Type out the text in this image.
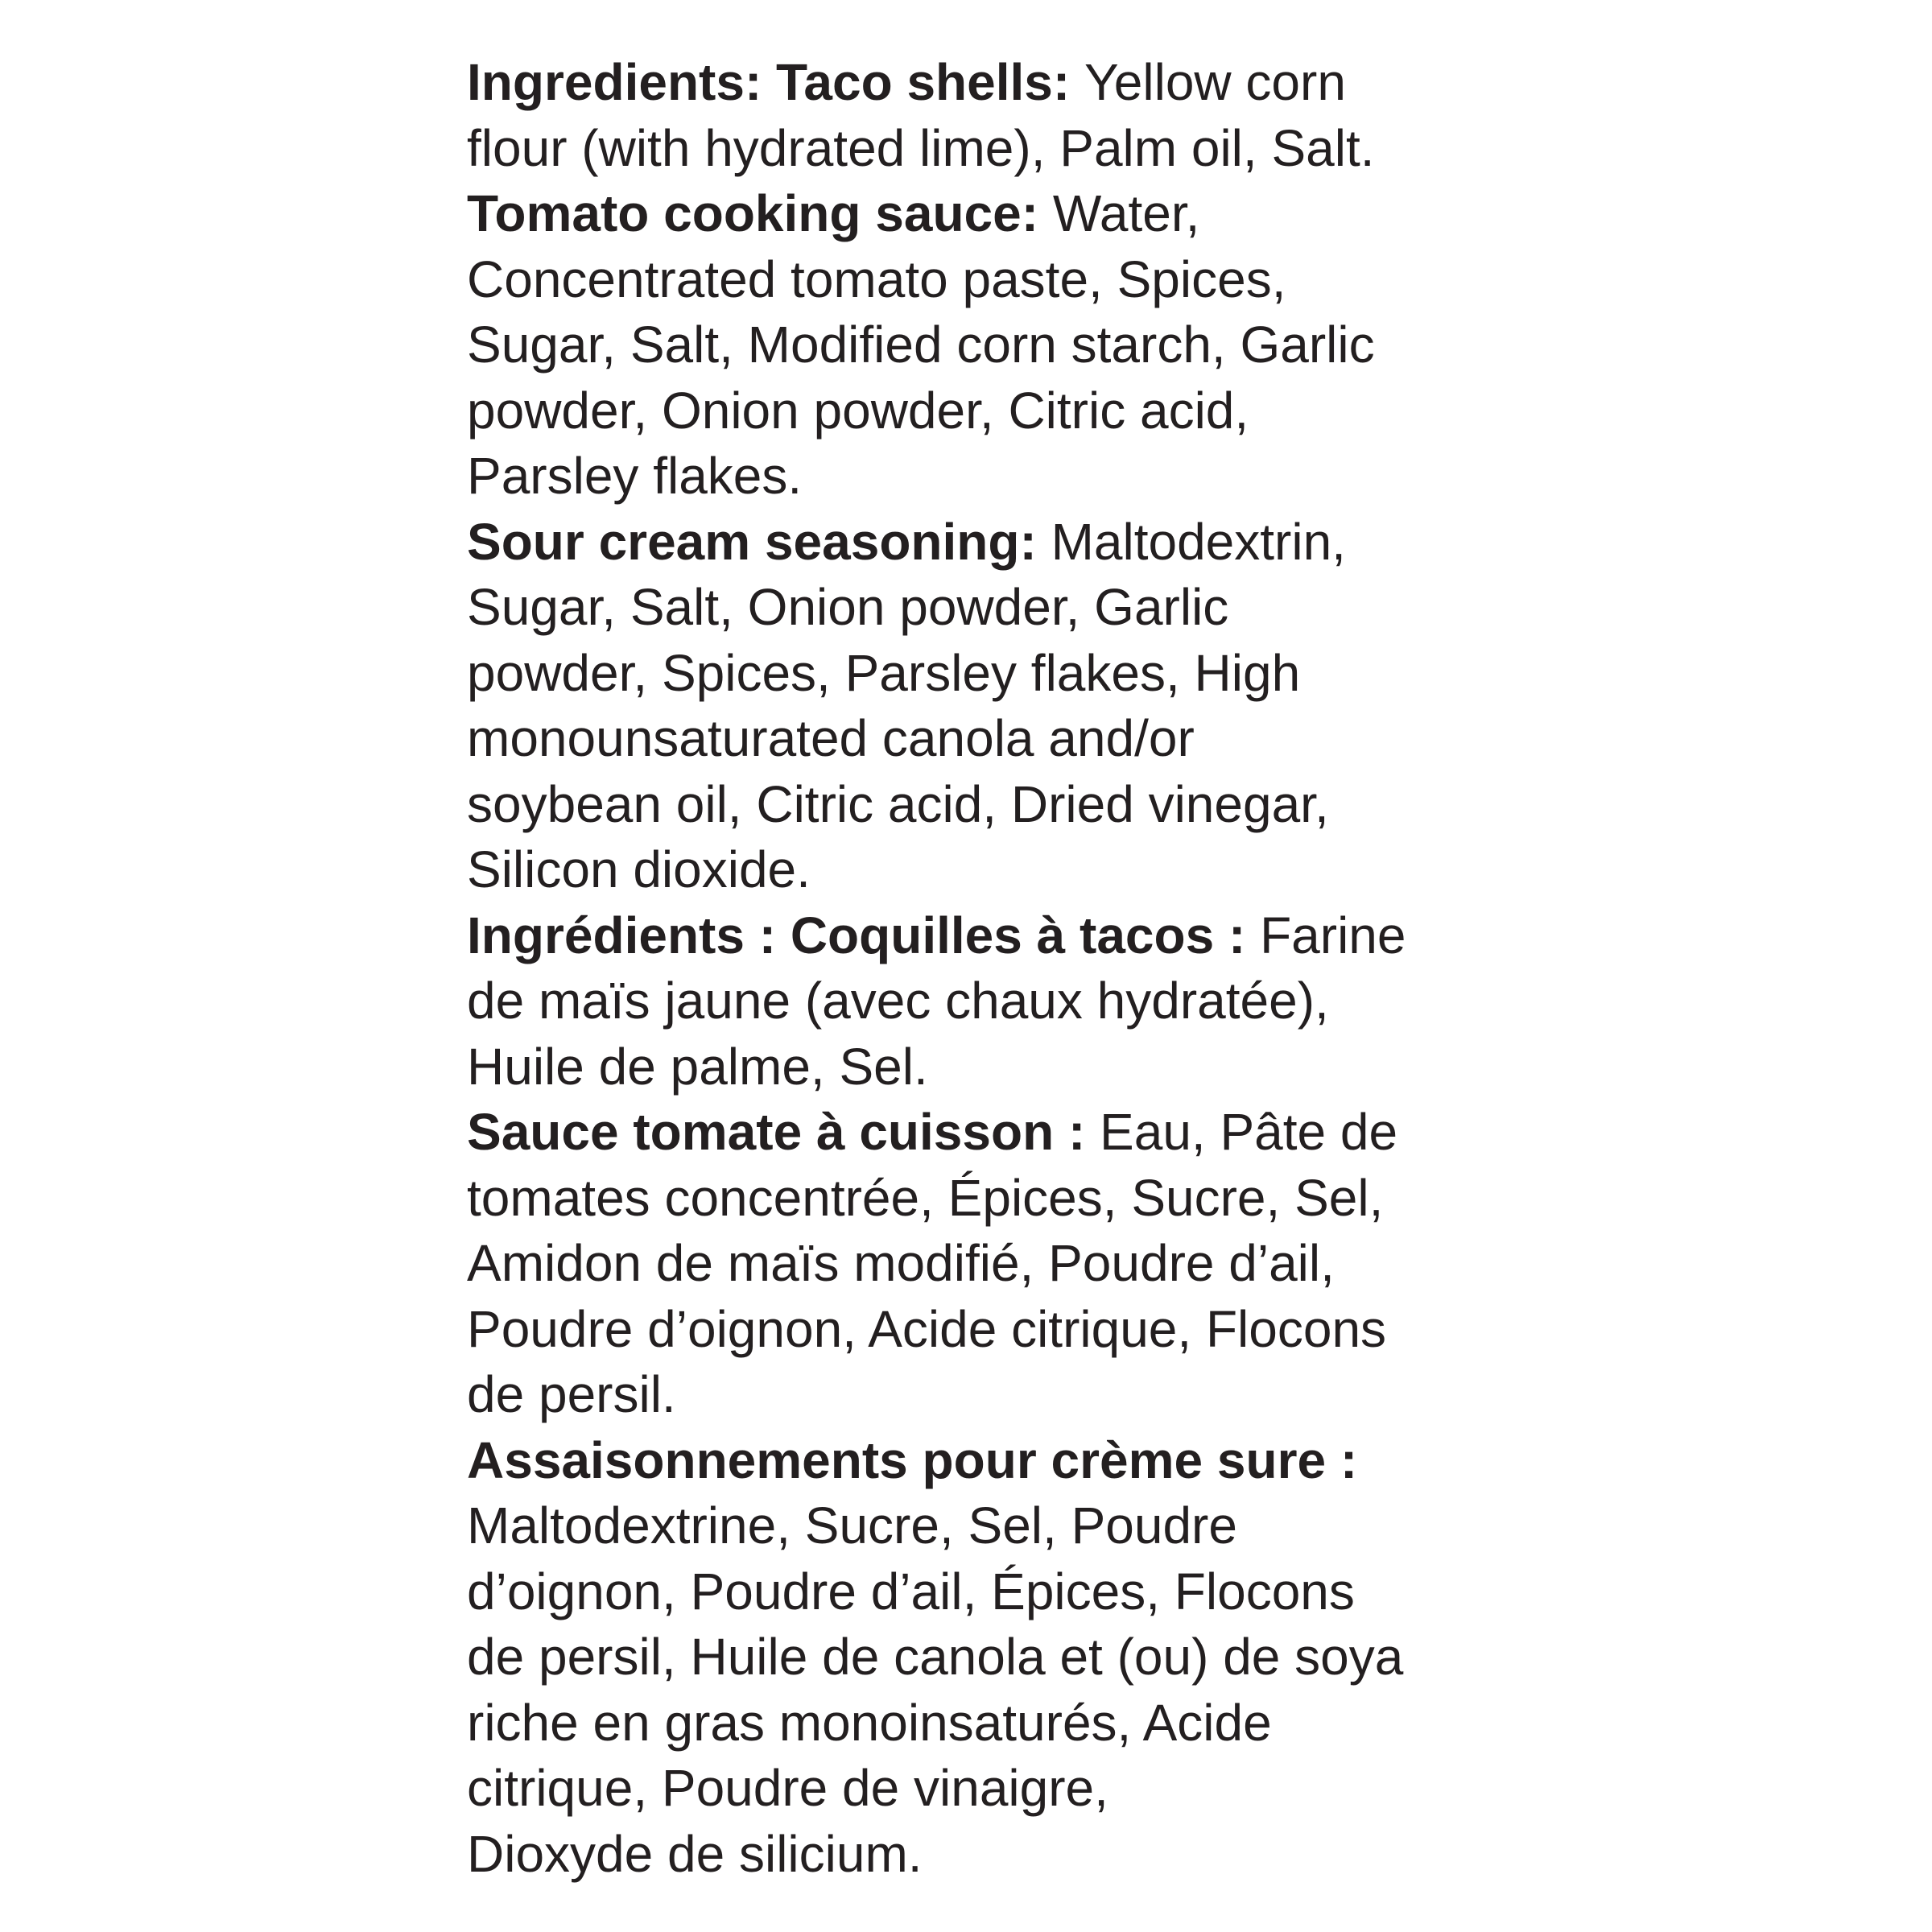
Ingredients: Taco shells: Yellow corn
flour (with hydrated lime), Palm oil, Salt.
Tomato cooking sauce: Water,
Concentrated tomato paste, Spices,
Sugar, Salt, Modified corn starch, Garlic
powder, Onion powder, Citric acid,
Parsley flakes.
Sour cream seasoning: Maltodextrin,
Sugar, Salt, Onion powder, Garlic
powder, Spices, Parsley flakes, High
monounsaturated canola and/or
soybean oil, Citric acid, Dried vinegar,
Silicon dioxide.
Ingrédients : Coquilles à tacos : Farine
de maïs jaune (avec chaux hydratée),
Huile de palme, Sel.
Sauce tomate à cuisson : Eau, Pâte de
tomates concentrée, Épices, Sucre, Sel,
Amidon de maïs modifié, Poudre d’ail,
Poudre d’oignon, Acide citrique, Flocons
de persil.
Assaisonnements pour crème sure :
Maltodextrine, Sucre, Sel, Poudre
d’oignon, Poudre d’ail, Épices, Flocons
de persil, Huile de canola et (ou) de soya
riche en gras monoinsaturés, Acide
citrique, Poudre de vinaigre,
Dioxyde de silicium.
